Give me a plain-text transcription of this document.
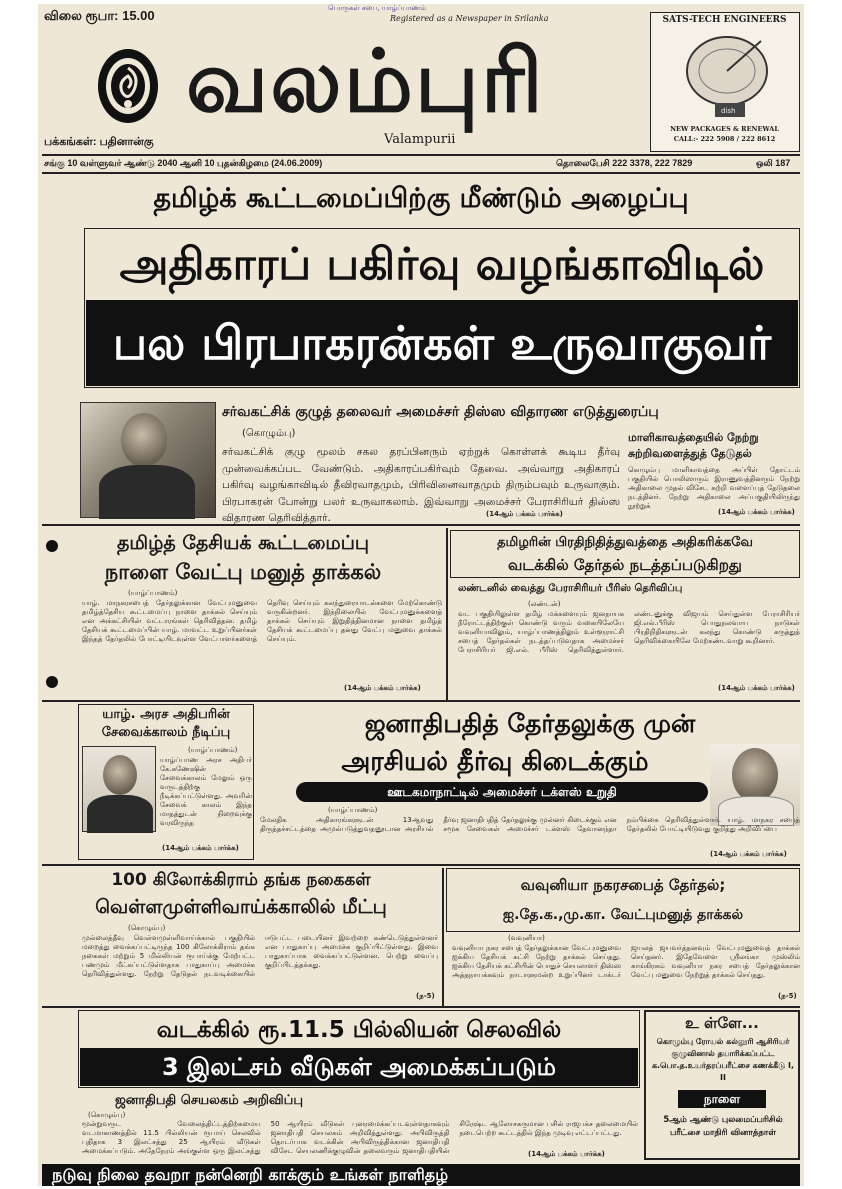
விலை ரூபா: 15.00	பொருகள் சபை, யாழ்ப்பாணம்
Registered as a Newspaper in Srilanka
வலம்புரி
Valampurii
பக்கங்கள்: பதினான்கு
SATS-TECH ENGINEERS
dish
NEW PACKAGES & RENEWAL
CALL:- 222 5908 / 222 8612
சங்கு 10 வள்ளுவர் ஆண்டு 2040 ஆனி 10 புதன்கிழமை (24.06.2009)	தொலைபேசி 222 3378, 222 7829	ஒலி 187
தமிழ்க் கூட்டமைப்பிற்கு மீண்டும் அழைப்பு
அதிகாரப் பகிர்வு வழங்காவிடில்
பல பிரபாகரன்கள் உருவாகுவர்
சர்வகட்சிக் குழுத் தலைவர் அமைச்சர் திஸ்ஸ விதாரண எடுத்துரைப்பு
(கொழும்பு)
சர்வகட்சிக் குழு மூலம் சகல தரப்பினரும் ஏற்றுக் கொள்ளக் கூடிய தீர்வு முன்வைக்கப்பட வேண்டும். அதிகாரப்பகிர்வும் தேவை. அவ்வாறு அதிகாரப் பகிர்வு வழங்காவிடில் தீவிரவாதமும், பிரிவினைவாதமும் திரும்பவும் உருவாகும். பிரபாகரன் போன்று பலர் உருவாகலாம். இவ்வாறு அமைச்சர் பேராசிரியர் திஸ்ஸ விதாரண தெரிவித்தார்.	(14ஆம் பக்கம் பார்க்க)
மாளிகாவத்தையில் நேற்று சுற்றிவளைத்துத் தேடுதல்
கொழும்பு மாளிகாவத்தை அப்பிள் தோட்டம் பகுதியில் பொலிஸாரும் இராணுவத்தினரும் நேற்று அதிகாலை முதல் விசேட சுற்றி வளைப்புத் தேடுதலை நடத்தினர். நேற்று அதிகாலை அப்பகுதியிலிருந்து நூற்றுக்
(14ஆம் பக்கம் பார்க்க)
தமிழ்த் தேசியக் கூட்டமைப்பு
நாளை வேட்பு மனுத் தாக்கல்
(யாழ்ப்பாணம்)
யாழ். மாநகரசபைத் தேர்தலுக்கான வேட்புமனுவை தமிழ்த்தேசிய கூட்டமைப்பு நாளை தாக்கல் செய்யும் என அக்கட்சியின் வட்டாரங்கள் தெரிவித்தன. தமிழ் தேசியக் கூட்டமைப்பின் யாழ். மாவட்ட உறுப்பினர்கள் இந்தத் தேர்தலில் போட்டியிடவுள்ள வேட்பாளர்களைத் தெரிவு செய்யும் கலந்துரையாடல்களை மேற்கொண்டு வருகின்றனர். இந்நிலையில் வேட்புமனுக்களைத் தாக்கல் செய்யும் இறுதித்தினமான நாளை தமிழ்த் தேசியக் கூட்டமைப்பு தனது வேட்பு மனுவை தாக்கல் செய்யும்.
(14ஆம் பக்கம் பார்க்க)
தமிழரின் பிரதிநிதித்துவத்தை அதிகரிக்கவே
வடக்கில் தேர்தல் நடத்தப்படுகிறது
லண்டனில் வைத்து பேராசிரியர் பீரிஸ் தெரிவிப்பு
(லண்டன்)
வட பகுதியிலுள்ள தமிழ் மக்களையும் ஜனநாயக நீரோட்டத்திற்குள் கொண்டு வரும் வகையிலேயே வவுனியாவிலும், யாழ்ப்பாணத்திலும் உள்ளூராட்சி சபைத் தேர்தல்கள் நடத்தப்படுவதாக அமைச்சர் பேராசிரியர் ஜி.எல். பீரிஸ் தெரிவித்துள்ளார். லண்டனுக்கு விஜயம் செய்துள்ள பேராசிரியர் ஜி.எல்.பீரிஸ் பொதுநலவாய நாடுகள் பிரதிநிதிகளுடன் கலந்து கொண்டு கருத்துத் தெரிவிக்கையிலே மேற்கண்டவாறு கூறினார்.
(14ஆம் பக்கம் பார்க்க)
யாழ். அரச அதிபரின்
சேவைக்காலம் நீடிப்பு
(யாழ்ப்பாணம்)
யாழ்ப்பாண அரச அதிபர் கே.கணேஷின் சேவைக்காலம் மேலும் ஒரு வருடத்திற்கு நீடிக்கப்பட்டுள்ளது. அவரின் சேவைக் காலம் இந்த மாதத்துடன் நிறைவுக்கு வரவிருந்த
(14ஆம் பக்கம் பார்க்க)
ஜனாதிபதித் தேர்தலுக்கு முன்
அரசியல் தீர்வு கிடைக்கும்
ஊடகமாநாட்டில் அமைச்சர் டக்ளஸ் உறுதி
(யாழ்ப்பாணம்)
மேலதிக அதிகாரங்களுடன் 13ஆவது திருத்தச்சட்டத்தை அமுல்படுத்துவதனூடான அரசியல் தீர்வு ஜனாதிபதித் தேர்தலுக்கு முன்னர் கிடைக்கும் என சமூக சேவைகள் அமைச்சர் டக்ளஸ் தேவானந்தா நம்பிக்கை தெரிவித்துள்ளார். யாழ். மாநகர சபைத் தேர்தலில் போட்டியிடுவது குறித்து அறிவிப்பை
(14ஆம் பக்கம் பார்க்க)
100 கிலோக்கிராம் தங்க நகைகள்
வெள்ளமுள்ளிவாய்க்காலில் மீட்பு
(கொழும்பு)
முல்லைத்தீவு வெள்ளமுள்ளிவாய்க்கால் பகுதியில் மறைத்து வைக்கப்பட்டிருந்த 100 கிலோக்கிராம் தங்க நகைகள் மற்றும் 5 மில்லியன் ரூபாய்க்கு மேற்பட்ட பணமும் மீட்கப்பட்டுள்ளதாக பாதுகாப்பு அமைச்சு தெரிவித்துள்ளது. நேற்று தேடுதல் நடவடிக்கையில் ஈடுபட்ட படையினர் இவற்றை கண்டெடுத்துள்ளனர் என பாதுகாப்பு அமைச்சு குறிப்பிட்டுள்ளது. இவை பாதுகாப்பாக வைக்கப்பட்டுள்ளன. பெற்று வைப்பு குறிப்பிடத்தக்கது.
(ந-5)
வவுனியா நகரசபைத் தேர்தல்;
ஐ.தே.க.,மு.கா. வேட்புமனுத் தாக்கல்
(வவுனியா)
வவுனியா நகர சபைத் தேர்தலுக்கான வேட்புமனுவை ஐக்கிய தேசியக் கட்சி நேற்று தாக்கல் செய்தது. ஐக்கிய தேசியக் கட்சியின் பொதுச் செயலாளர் திஸ்ஸ அத்தநாயக்கவும் நாடாளுமன்ற உறுப்பினர் டாக்டர் ஜயலத் ஜயவர்த்தனவும் வேட்புமனுவைத் தாக்கல் செய்தனர். இதேவேளை ஸ்ரீலங்கா முஸ்லிம் காங்கிரசும் வவுனியா நகர சபைத் தேர்தலுக்கான வேட்பு மனுவை நேற்றுத் தாக்கல் செய்தது.
(ந-5)
வடக்கில் ரூ.11.5 பில்லியன் செலவில்
3 இலட்சம் வீடுகள் அமைக்கப்படும்
ஜனாதிபதி செயலகம் அறிவிப்பு
(கொழும்பு)
மூன்றுவருட வேலைத்திட்டத்திற்கமைய வடமாகாணத்தில் 11.5 பில்லியன் ரூபாய் செலவில் புதிதாக 3 இலட்சத்து 25 ஆயிரம் வீடுகள் அமைக்கப்படும். அதேநேரம் அங்குள்ள ஒரு இலட்சத்து 50 ஆயிரம் வீடுகள் புனரமைக்கப்படவுள்ளதாகவும் ஜனாதிபதி செயலகம் அறிவித்துள்ளது. அபிவிருத்தி தொடர்பாக வடக்கின் அபிவிருத்திக்கான ஜனாதிபதி விசேட செயலணிக்குழுவின் தலைவரும் ஜனாதிபதியின் சிரேஷ்ட ஆலோசகருமான பசில் ராஜபக்ச தலைமையில் நடைபெற்ற கூட்டத்தில் இந்த முடிவு எட்டப்பட்டது.
(14ஆம் பக்கம் பார்க்க)
உ ள்ளே...
கொழும்பு ரோயல் கல்லூரி ஆசிரியர் குழுவினால் தயாரிக்கப்பட்ட க.பொ.த.உயர்தரப்பரீட்சை கணக்கீடு I, II
நாளை
5ஆம் ஆண்டு புலமைப்பரிசில் பரீட்சை மாதிரி வினாத்தாள்
நடுவு நிலை தவறா நன்னெறி காக்கும் உங்கள் நாளிதழ்
